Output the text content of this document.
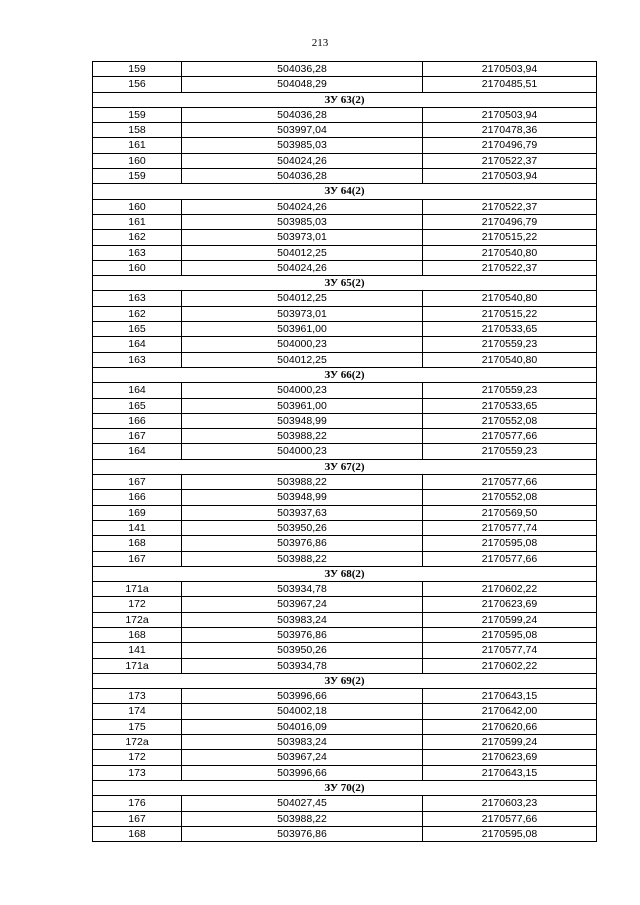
213
159	504036,28	2170503,94
156	504048,29	2170485,51
ЗУ 63(2)		
159	504036,28	2170503,94
158	503997,04	2170478,36
161	503985,03	2170496,79
160	504024,26	2170522,37
159	504036,28	2170503,94
ЗУ 64(2)		
160	504024,26	2170522,37
161	503985,03	2170496,79
162	503973,01	2170515,22
163	504012,25	2170540,80
160	504024,26	2170522,37
ЗУ 65(2)		
163	504012,25	2170540,80
162	503973,01	2170515,22
165	503961,00	2170533,65
164	504000,23	2170559,23
163	504012,25	2170540,80
ЗУ 66(2)		
164	504000,23	2170559,23
165	503961,00	2170533,65
166	503948,99	2170552,08
167	503988,22	2170577,66
164	504000,23	2170559,23
ЗУ 67(2)		
167	503988,22	2170577,66
166	503948,99	2170552,08
169	503937,63	2170569,50
141	503950,26	2170577,74
168	503976,86	2170595,08
167	503988,22	2170577,66
ЗУ 68(2)		
171а	503934,78	2170602,22
172	503967,24	2170623,69
172а	503983,24	2170599,24
168	503976,86	2170595,08
141	503950,26	2170577,74
171а	503934,78	2170602,22
ЗУ 69(2)		
173	503996,66	2170643,15
174	504002,18	2170642,00
175	504016,09	2170620,66
172а	503983,24	2170599,24
172	503967,24	2170623,69
173	503996,66	2170643,15
ЗУ 70(2)		
176	504027,45	2170603,23
167	503988,22	2170577,66
168	503976,86	2170595,08
